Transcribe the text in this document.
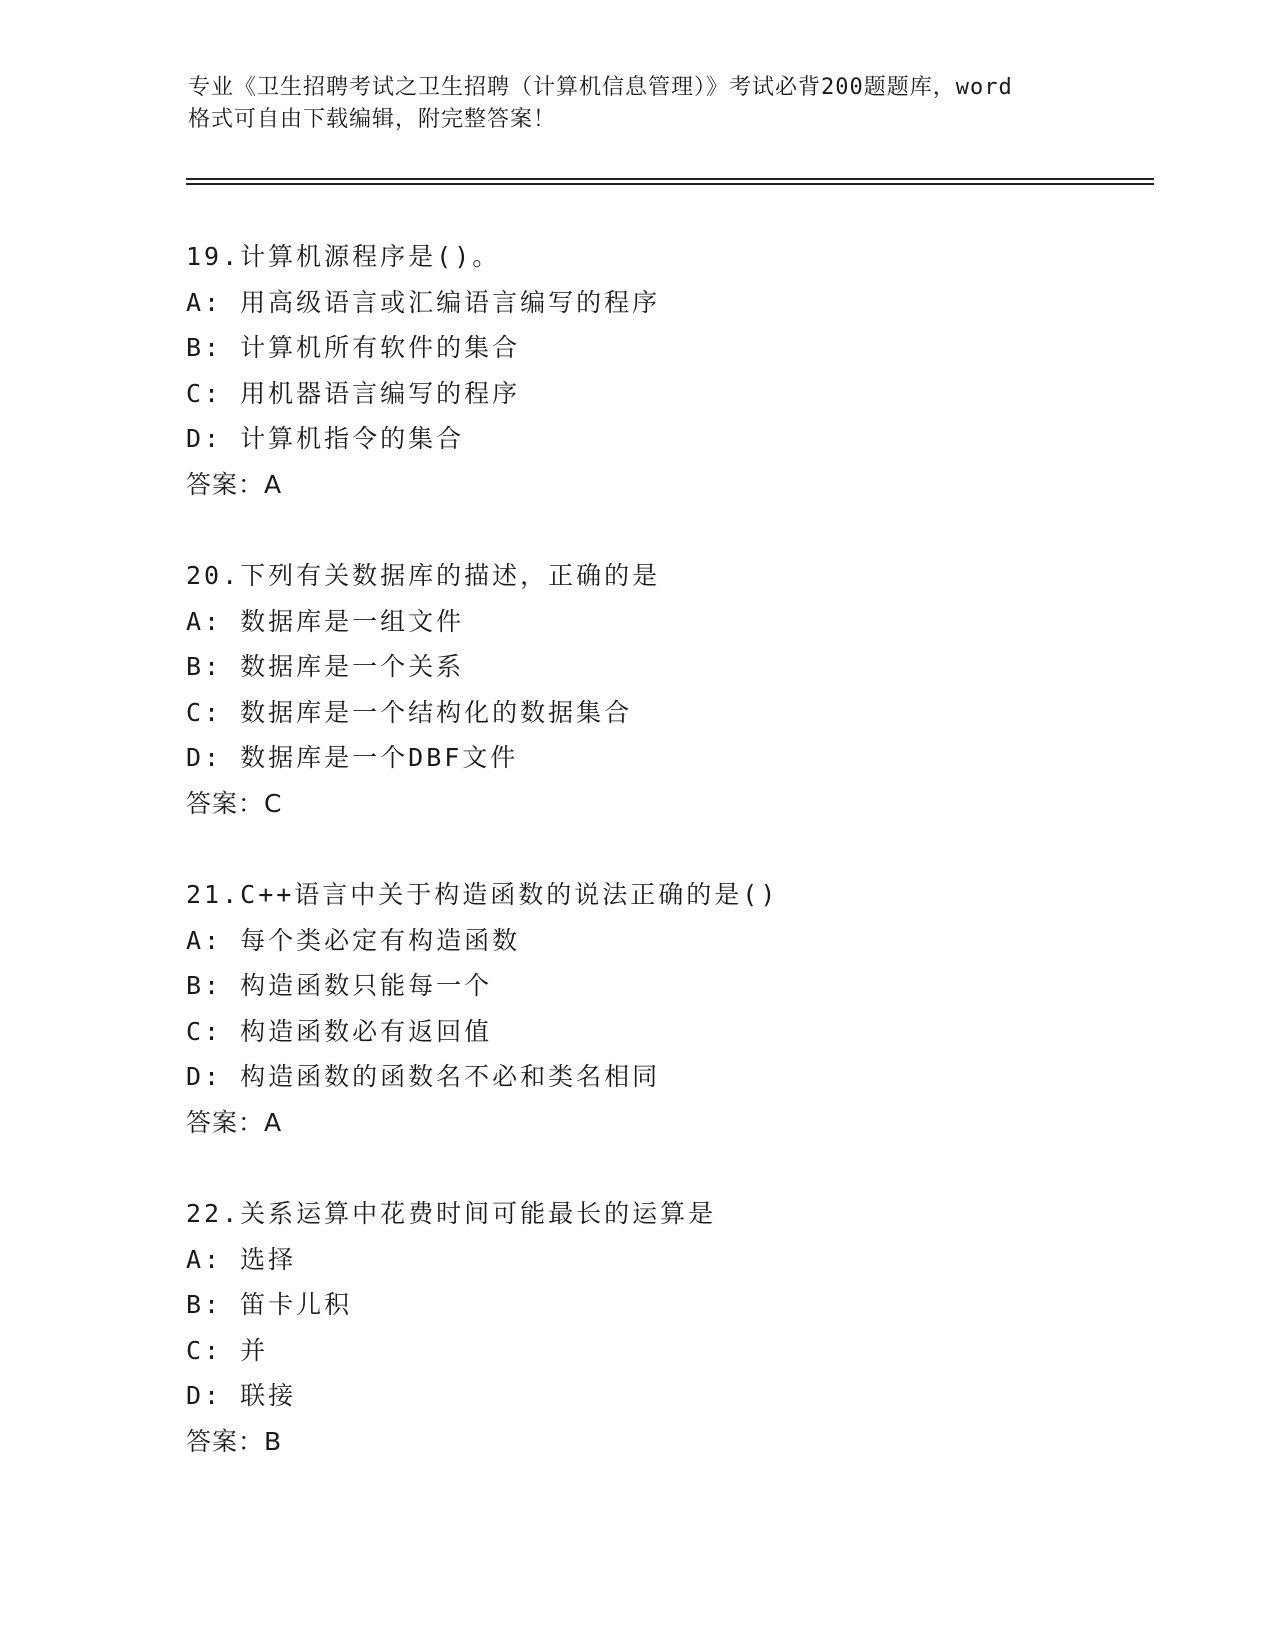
专业《卫生招聘考试之卫生招聘（计算机信息管理）》考试必背200题题库，word
格式可自由下载编辑，附完整答案！
19.计算机源程序是()。
A: 用高级语言或汇编语言编写的程序
B: 计算机所有软件的集合
C: 用机器语言编写的程序
D: 计算机指令的集合
答案：A
20.下列有关数据库的描述，正确的是
A: 数据库是一组文件
B: 数据库是一个关系
C: 数据库是一个结构化的数据集合
D: 数据库是一个DBF文件
答案：C
21.C++语言中关于构造函数的说法正确的是()
A: 每个类必定有构造函数
B: 构造函数只能每一个
C: 构造函数必有返回值
D: 构造函数的函数名不必和类名相同
答案：A
22.关系运算中花费时间可能最长的运算是
A: 选择
B: 笛卡儿积
C: 并
D: 联接
答案：B
